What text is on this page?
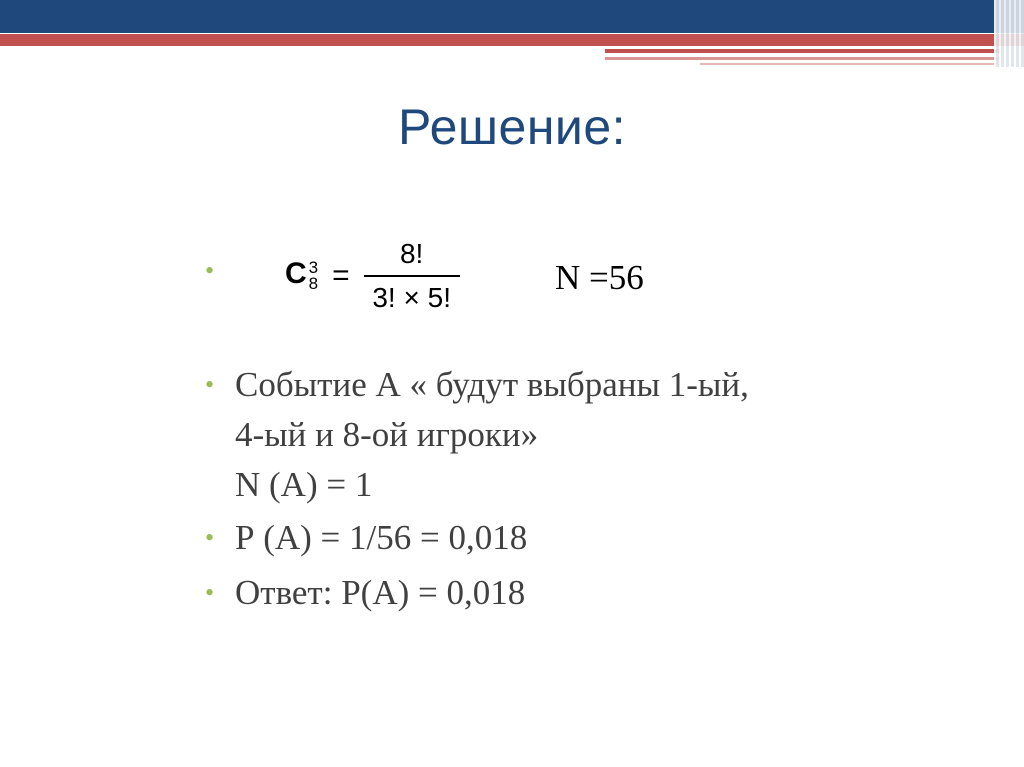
Решение:
• C 3
$8 = \frac{8!}{3! \times 5!}$	N =56
• Событие А « будут выбраны 1-ый,
4-ый и 8-ой игроки»
N (А) = 1
• Р (А) = 1/56 = 0,018
• Ответ: Р(А) = 0,018
